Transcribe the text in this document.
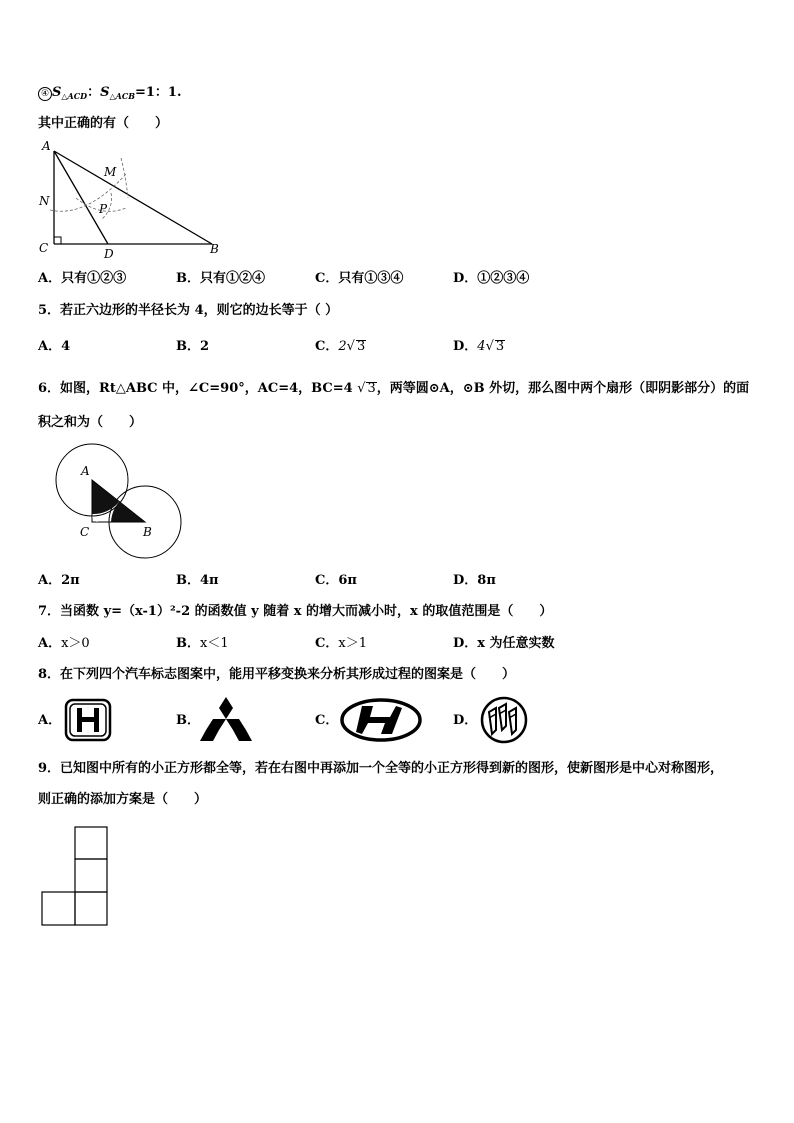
④ $S_{\triangle ACD}$：$S_{\triangle ACB}=1$：1.
其中正确的有（　　）
A
M
N
P
C	D	B
A．只有①②③	B．只有①②④	C．只有①③④	D．①②③④
5．若正六边形的半径长为 4，则它的边长等于（ ）
A．4	B．2	C．2√ 3	D．4√ 3
6．如图，Rt△ABC 中，∠C=90°，AC=4，BC=4 √ 3，两等圆⊙A，⊙B 外切，那么图中两个扇形（即阴影部分）的面
积之和为（　　）
A
C	B
A．2π	B．4π	C．6π	D．8π
7．当函数 y=（x-1）²-2 的函数值 y 随着 x 的增大而减小时，x 的取值范围是（　　）
A．x＞0	B．x＜1	C．x＞1	D．x 为任意实数
8．在下列四个汽车标志图案中，能用平移变换来分析其形成过程的图案是（　　）
A．	B．	C．	D．
9．已知图中所有的小正方形都全等，若在右图中再添加一个全等的小正方形得到新的图形，使新图形是中心对称图形，
则正确的添加方案是（　　）
